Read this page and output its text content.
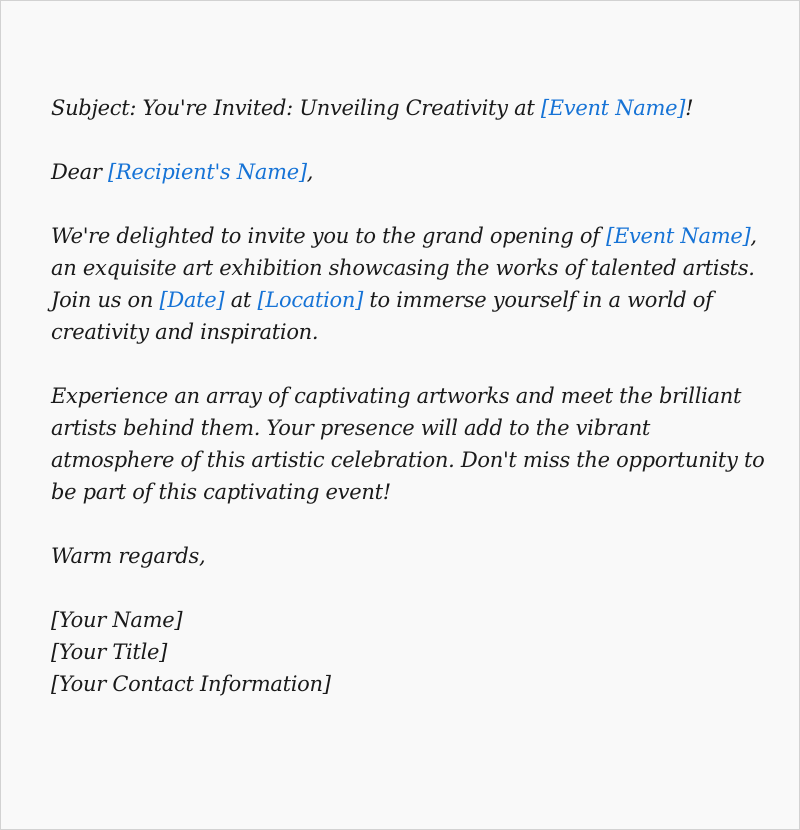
Subject: You're Invited: Unveiling Creativity at [Event Name]!

Dear [Recipient's Name],

We're delighted to invite you to the grand opening of [Event Name],
an exquisite art exhibition showcasing the works of talented artists.
Join us on [Date] at [Location] to immerse yourself in a world of
creativity and inspiration.

Experience an array of captivating artworks and meet the brilliant
artists behind them. Your presence will add to the vibrant
atmosphere of this artistic celebration. Don't miss the opportunity to
be part of this captivating event!

Warm regards,

[Your Name]
[Your Title]
[Your Contact Information]
